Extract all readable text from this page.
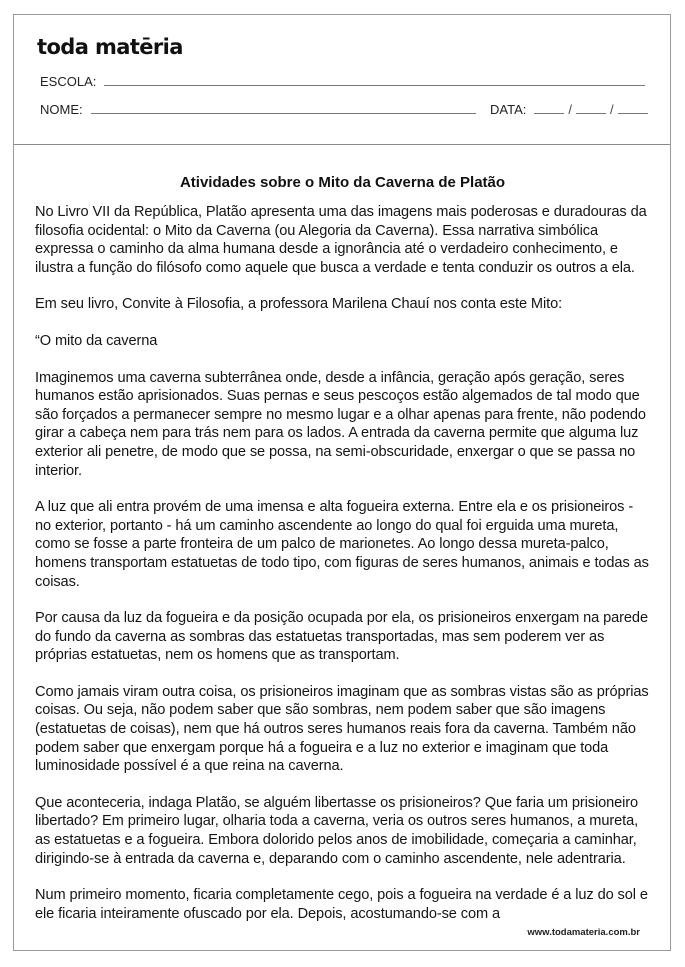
toda matēria
ESCOLA:
NOME:	DATA:	/	/
www.todamateria.com.br
Atividades sobre o Mito da Caverna de Platão

No Livro VII da República, Platão apresenta uma das imagens mais poderosas e duradouras da filosofia ocidental: o Mito da Caverna (ou Alegoria da Caverna). Essa narrativa simbólica expressa o caminho da alma humana desde a ignorância até o verdadeiro conhecimento, e ilustra a função do filósofo como aquele que busca a verdade e tenta conduzir os outros a ela.

Em seu livro, Convite à Filosofia, a professora Marilena Chauí nos conta este Mito:

“O mito da caverna

Imaginemos uma caverna subterrânea onde, desde a infância, geração após geração, seres humanos estão aprisionados. Suas pernas e seus pescoços estão algemados de tal modo que são forçados a permanecer sempre no mesmo lugar e a olhar apenas para frente, não podendo girar a cabeça nem para trás nem para os lados. A entrada da caverna permite que alguma luz exterior ali penetre, de modo que se possa, na semi-obscuridade, enxergar o que se passa no interior.

A luz que ali entra provém de uma imensa e alta fogueira externa. Entre ela e os prisioneiros - no exterior, portanto - há um caminho ascendente ao longo do qual foi erguida uma mureta, como se fosse a parte fronteira de um palco de marionetes. Ao longo dessa mureta-palco, homens transportam estatuetas de todo tipo, com figuras de seres humanos, animais e todas as coisas.

Por causa da luz da fogueira e da posição ocupada por ela, os prisioneiros enxergam na parede do fundo da caverna as sombras das estatuetas transportadas, mas sem poderem ver as próprias estatuetas, nem os homens que as transportam.

Como jamais viram outra coisa, os prisioneiros imaginam que as sombras vistas são as próprias coisas. Ou seja, não podem saber que são sombras, nem podem saber que são imagens (estatuetas de coisas), nem que há outros seres humanos reais fora da caverna. Também não podem saber que enxergam porque há a fogueira e a luz no exterior e imaginam que toda luminosidade possível é a que reina na caverna.

Que aconteceria, indaga Platão, se alguém libertasse os prisioneiros? Que faria um prisioneiro libertado? Em primeiro lugar, olharia toda a caverna, veria os outros seres humanos, a mureta, as estatuetas e a fogueira. Embora dolorido pelos anos de imobilidade, começaria a caminhar, dirigindo-se à entrada da caverna e, deparando com o caminho ascendente, nele adentraria.

Num primeiro momento, ficaria completamente cego, pois a fogueira na verdade é a luz do sol e ele ficaria inteiramente ofuscado por ela. Depois, acostumando-se com a
